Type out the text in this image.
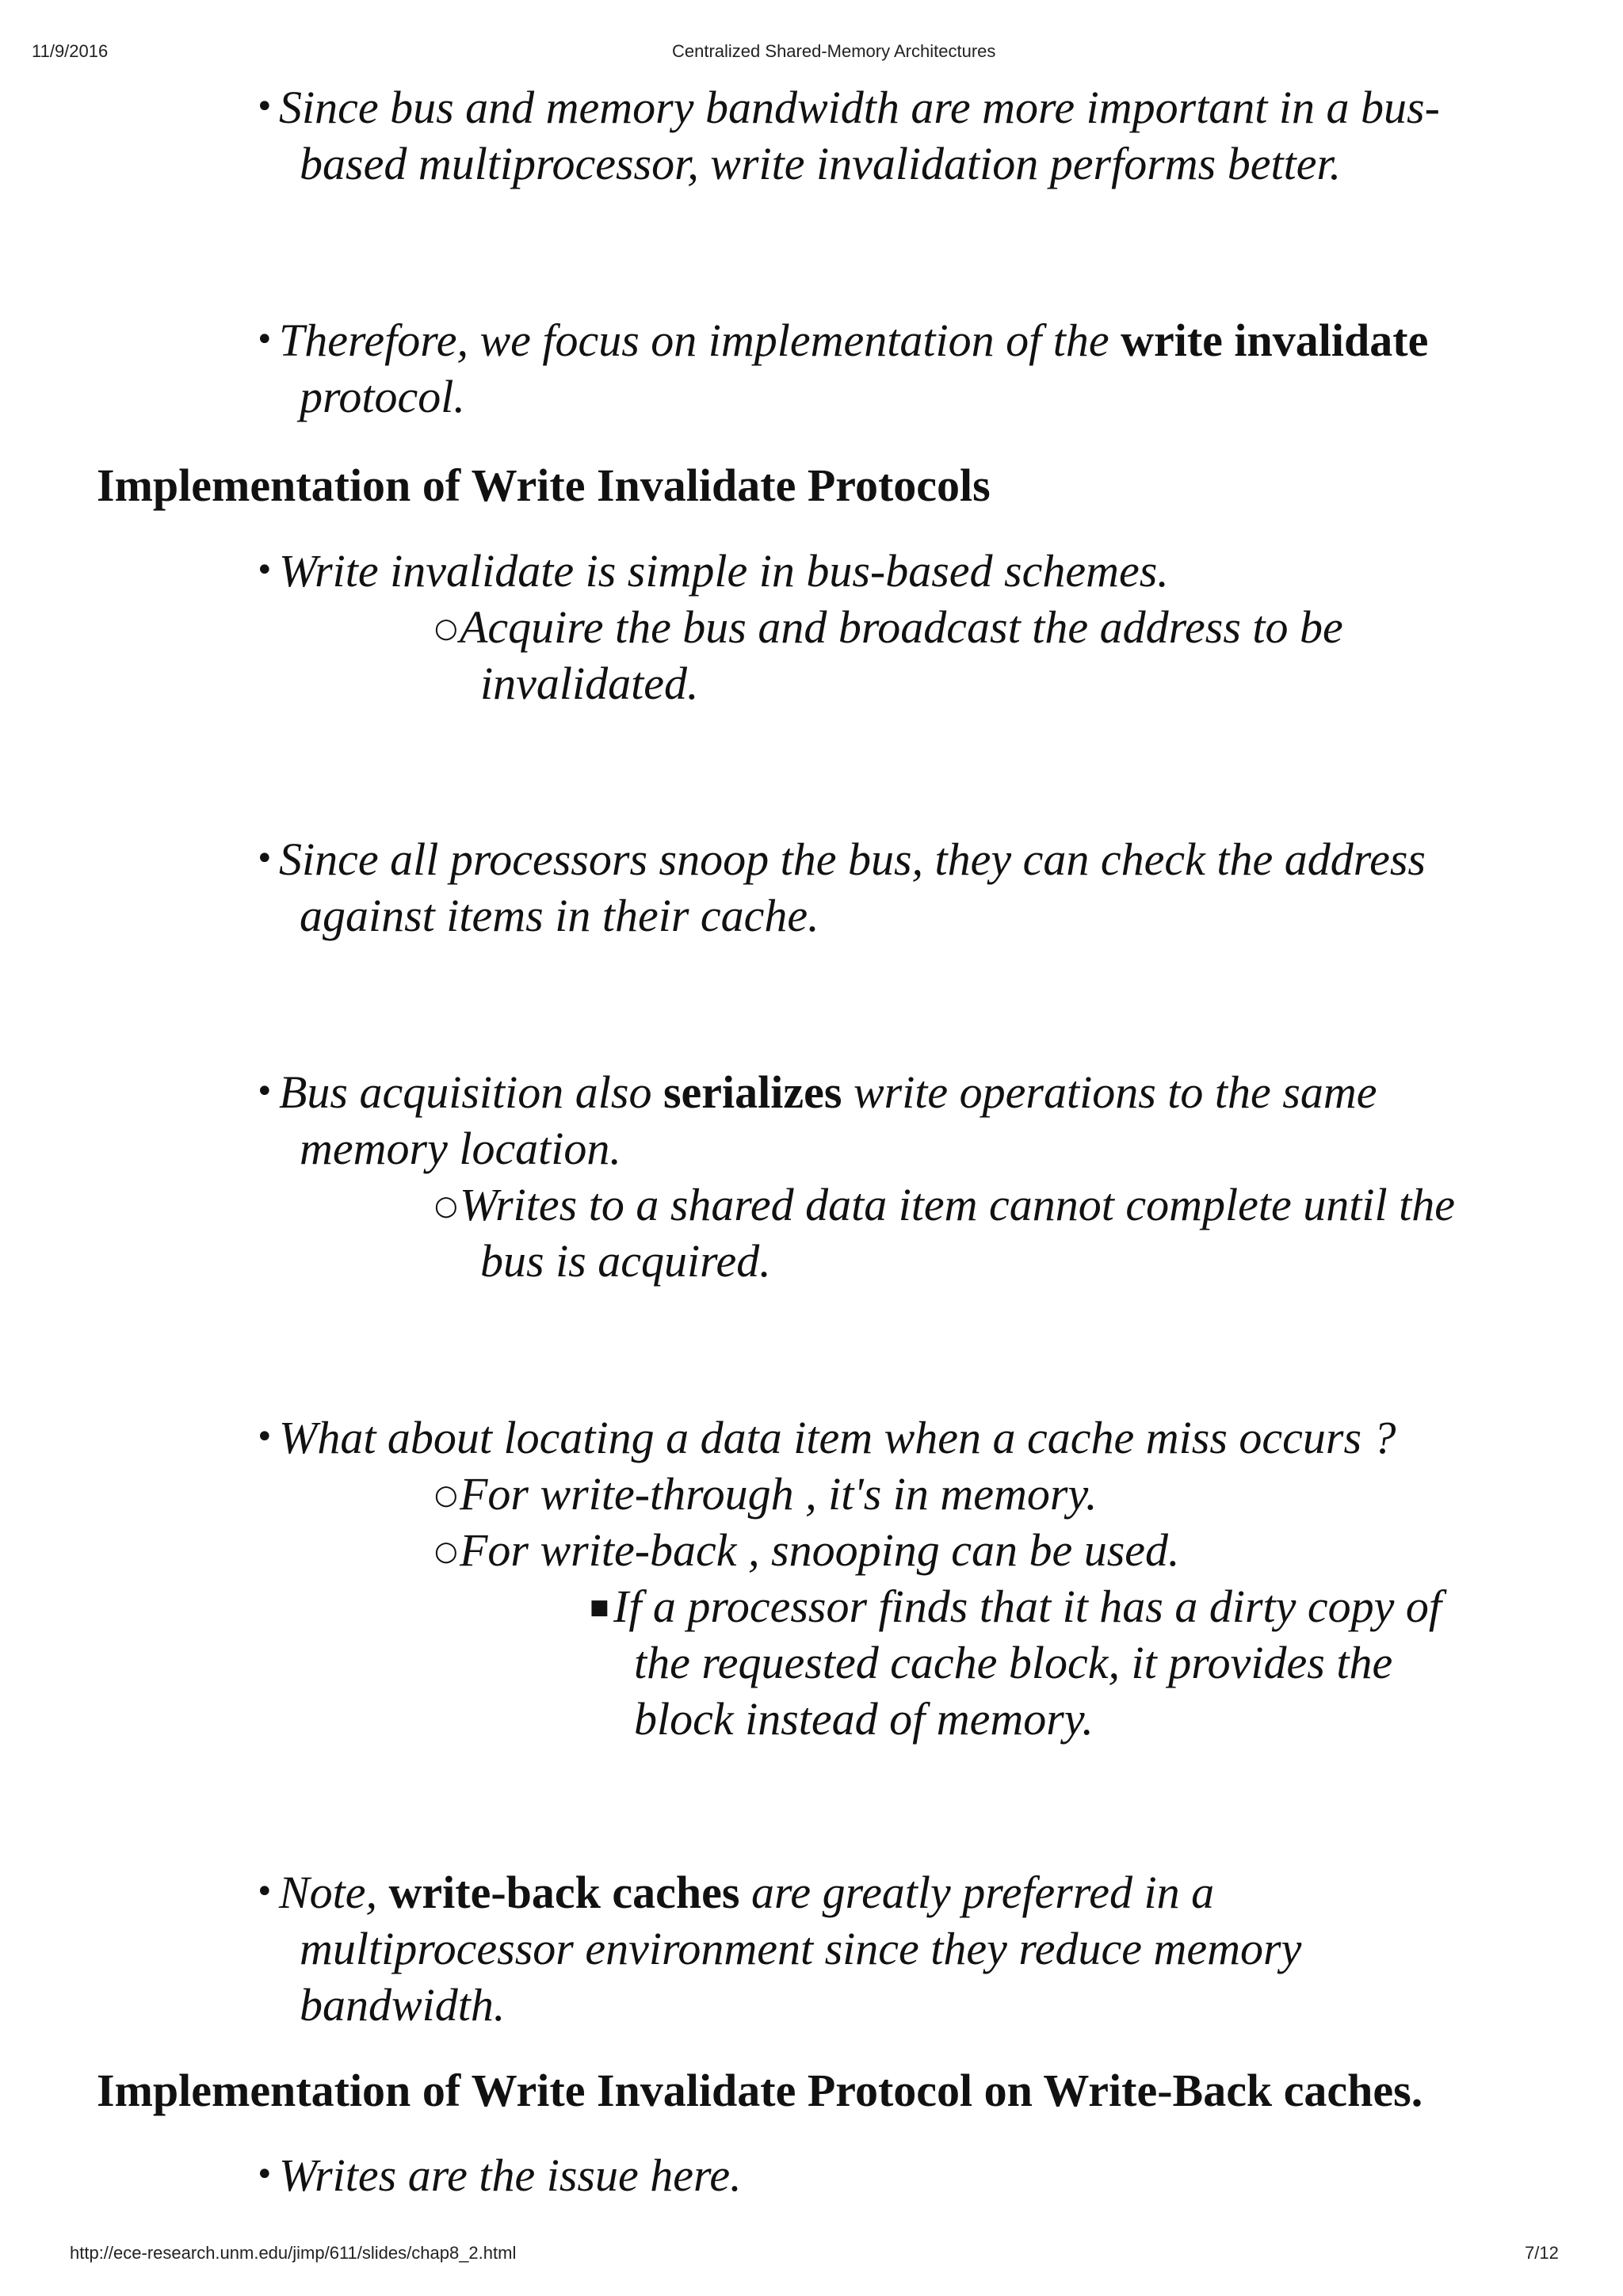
11/9/2016	Centralized Shared-Memory Architectures
• Since bus and memory bandwidth are more important in a bus-
based multiprocessor, write invalidation performs better.
• Therefore, we focus on implementation of the write invalidate
protocol.
Implementation of Write Invalidate Protocols
• Write invalidate is simple in bus-based schemes.
○ Acquire the bus and broadcast the address to be
invalidated.
• Since all processors snoop the bus, they can check the address
against items in their cache.
• Bus acquisition also serializes write operations to the same
memory location.
○ Writes to a shared data item cannot complete until the
bus is acquired.
• What about locating a data item when a cache miss occurs ?
○ For write-through , it's in memory.
○ For write-back , snooping can be used.
■ If a processor finds that it has a dirty copy of
the requested cache block, it provides the
block instead of memory.
• Note, write-back caches are greatly preferred in a
multiprocessor environment since they reduce memory
bandwidth.
Implementation of Write Invalidate Protocol on Write-Back caches.
• Writes are the issue here.
http://ece-research.unm.edu/jimp/611/slides/chap8_2.html	7/12
